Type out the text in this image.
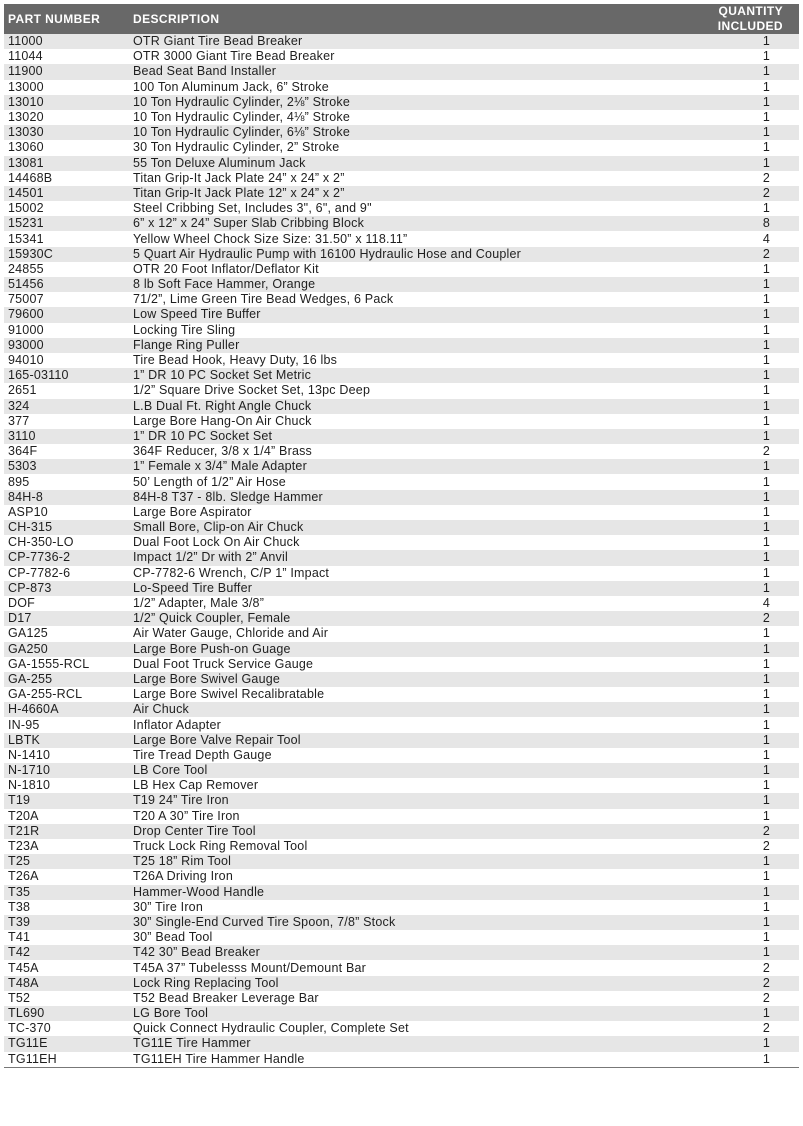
PART NUMBER	DESCRIPTION	QUANTITY INCLUDED
11000	OTR Giant Tire Bead Breaker	1
11044	OTR 3000 Giant Tire Bead Breaker	1
11900	Bead Seat Band Installer	1
13000	100 Ton Aluminum Jack, 6” Stroke	1
13010	10 Ton Hydraulic Cylinder, 2⅛” Stroke	1
13020	10 Ton Hydraulic Cylinder, 4⅛” Stroke	1
13030	10 Ton Hydraulic Cylinder, 6⅛” Stroke	1
13060	30 Ton Hydraulic Cylinder, 2” Stroke	1
13081	55 Ton Deluxe Aluminum Jack	1
14468B	Titan Grip-It Jack Plate 24” x 24” x 2”	2
14501	Titan Grip-It Jack Plate 12” x 24” x 2”	2
15002	Steel Cribbing Set, Includes 3", 6", and 9"	1
15231	6” x 12” x 24” Super Slab Cribbing Block	8
15341	Yellow Wheel Chock Size Size: 31.50” x 118.11”	4
15930C	5 Quart Air Hydraulic Pump with 16100 Hydraulic Hose and Coupler	2
24855	OTR 20 Foot Inflator/Deflator Kit	1
51456	8 lb Soft Face Hammer, Orange	1
75007	71/2”, Lime Green Tire Bead Wedges, 6 Pack	1
79600	Low Speed Tire Buffer	1
91000	Locking Tire Sling	1
93000	Flange Ring Puller	1
94010	Tire Bead Hook, Heavy Duty, 16 lbs	1
165-03110	1” DR 10 PC Socket Set Metric	1
2651	1/2” Square Drive Socket Set, 13pc Deep	1
324	L.B Dual Ft. Right Angle Chuck	1
377	Large Bore Hang-On Air Chuck	1
3110	1” DR 10 PC Socket Set	1
364F	364F Reducer, 3/8 x 1/4” Brass	2
5303	1” Female x 3/4” Male Adapter	1
895	50’ Length of 1/2” Air Hose	1
84H-8	84H-8 T37 - 8lb. Sledge Hammer	1
ASP10	Large Bore Aspirator	1
CH-315	Small Bore, Clip-on Air Chuck	1
CH-350-LO	Dual Foot Lock On Air Chuck	1
CP-7736-2	Impact 1/2” Dr with 2” Anvil	1
CP-7782-6	CP-7782-6 Wrench, C/P 1” Impact	1
CP-873	Lo-Speed Tire Buffer	1
DOF	1/2” Adapter, Male 3/8”	4
D17	1/2” Quick Coupler, Female	2
GA125	Air Water Gauge, Chloride and Air	1
GA250	Large Bore Push-on Guage	1
GA-1555-RCL	Dual Foot Truck Service Gauge	1
GA-255	Large Bore Swivel Gauge	1
GA-255-RCL	Large Bore Swivel Recalibratable	1
H-4660A	Air Chuck	1
IN-95	Inflator Adapter	1
LBTK	Large Bore Valve Repair Tool	1
N-1410	Tire Tread Depth Gauge	1
N-1710	LB Core Tool	1
N-1810	LB Hex Cap Remover	1
T19	T19 24” Tire Iron	1
T20A	T20 A 30” Tire Iron	1
T21R	Drop Center Tire Tool	2
T23A	Truck Lock Ring Removal Tool	2
T25	T25 18” Rim Tool	1
T26A	T26A Driving Iron	1
T35	Hammer-Wood Handle	1
T38	30” Tire Iron	1
T39	30” Single-End Curved Tire Spoon, 7/8” Stock	1
T41	30” Bead Tool	1
T42	T42 30” Bead Breaker	1
T45A	T45A 37” Tubelesss Mount/Demount Bar	2
T48A	Lock Ring Replacing Tool	2
T52	T52 Bead Breaker Leverage Bar	2
TL690	LG Bore Tool	1
TC-370	Quick Connect Hydraulic Coupler, Complete Set	2
TG11E	TG11E Tire Hammer	1
TG11EH	TG11EH Tire Hammer Handle	1
